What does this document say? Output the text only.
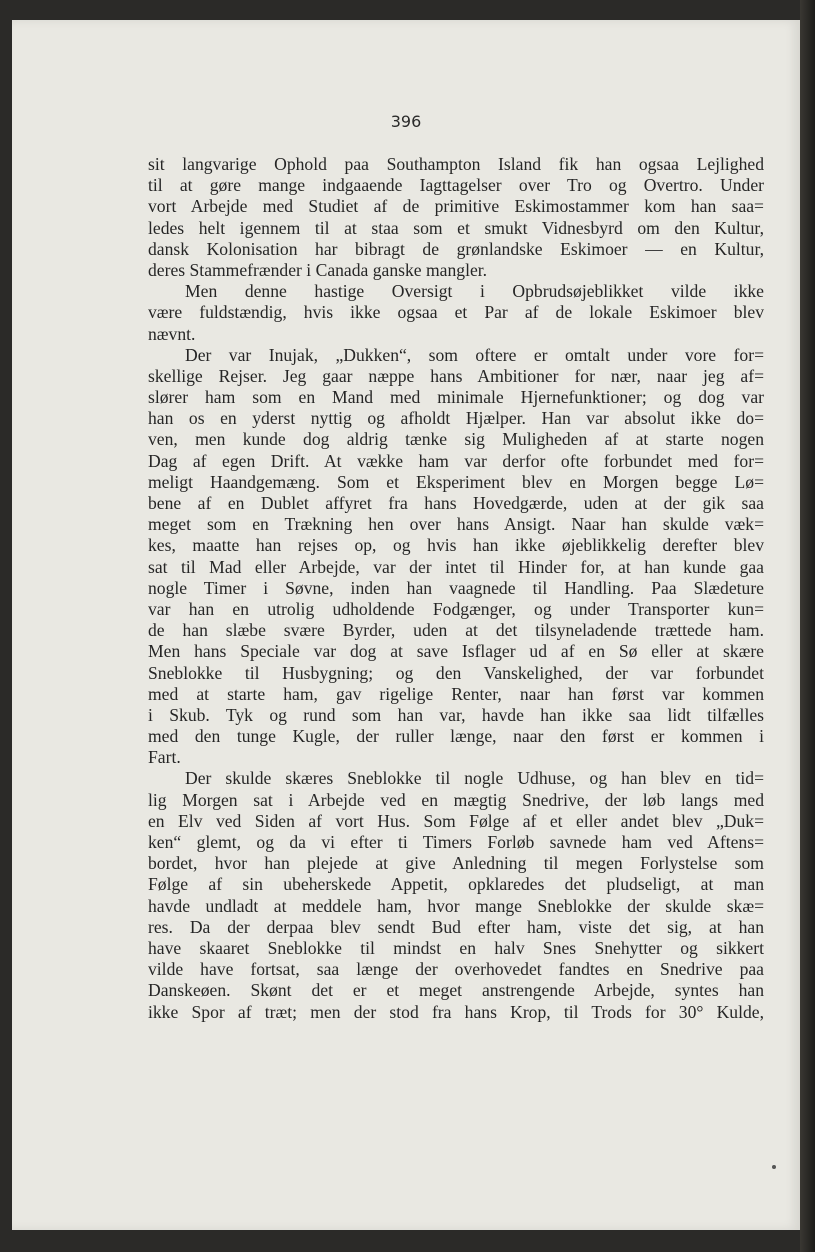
396

sit langvarige Ophold paa Southampton Island fik han ogsaa Lejlighed
til at gøre mange indgaaende Iagttagelser over Tro og Overtro. Under
vort Arbejde med Studiet af de primitive Eskimostammer kom han saa=
ledes helt igennem til at staa som et smukt Vidnesbyrd om den Kultur,
dansk Kolonisation har bibragt de grønlandske Eskimoer — en Kultur,
deres Stammefrænder i Canada ganske mangler.
Men denne hastige Oversigt i Opbrudsøjeblikket vilde ikke
være fuldstændig, hvis ikke ogsaa et Par af de lokale Eskimoer blev
nævnt.
Der var Inujak, „Dukken“, som oftere er omtalt under vore for=
skellige Rejser. Jeg gaar næppe hans Ambitioner for nær, naar jeg af=
slører ham som en Mand med minimale Hjernefunktioner; og dog var
han os en yderst nyttig og afholdt Hjælper. Han var absolut ikke do=
ven, men kunde dog aldrig tænke sig Muligheden af at starte nogen
Dag af egen Drift. At vække ham var derfor ofte forbundet med for=
meligt Haandgemæng. Som et Eksperiment blev en Morgen begge Lø=
bene af en Dublet affyret fra hans Hovedgærde, uden at der gik saa
meget som en Trækning hen over hans Ansigt. Naar han skulde væk=
kes, maatte han rejses op, og hvis han ikke øjeblikkelig derefter blev
sat til Mad eller Arbejde, var der intet til Hinder for, at han kunde gaa
nogle Timer i Søvne, inden han vaagnede til Handling. Paa Slædeture
var han en utrolig udholdende Fodgænger, og under Transporter kun=
de han slæbe svære Byrder, uden at det tilsyneladende trættede ham.
Men hans Speciale var dog at save Isflager ud af en Sø eller at skære
Sneblokke til Husbygning; og den Vanskelighed, der var forbundet
med at starte ham, gav rigelige Renter, naar han først var kommen
i Skub. Tyk og rund som han var, havde han ikke saa lidt tilfælles
med den tunge Kugle, der ruller længe, naar den først er kommen i
Fart.
Der skulde skæres Sneblokke til nogle Udhuse, og han blev en tid=
lig Morgen sat i Arbejde ved en mægtig Snedrive, der løb langs med
en Elv ved Siden af vort Hus. Som Følge af et eller andet blev „Duk=
ken“ glemt, og da vi efter ti Timers Forløb savnede ham ved Aftens=
bordet, hvor han plejede at give Anledning til megen Forlystelse som
Følge af sin ubeherskede Appetit, opklaredes det pludseligt, at man
havde undladt at meddele ham, hvor mange Sneblokke der skulde skæ=
res. Da der derpaa blev sendt Bud efter ham, viste det sig, at han
have skaaret Sneblokke til mindst en halv Snes Snehytter og sikkert
vilde have fortsat, saa længe der overhovedet fandtes en Snedrive paa
Danskeøen. Skønt det er et meget anstrengende Arbejde, syntes han
ikke Spor af træt; men der stod fra hans Krop, til Trods for 30° Kulde,
